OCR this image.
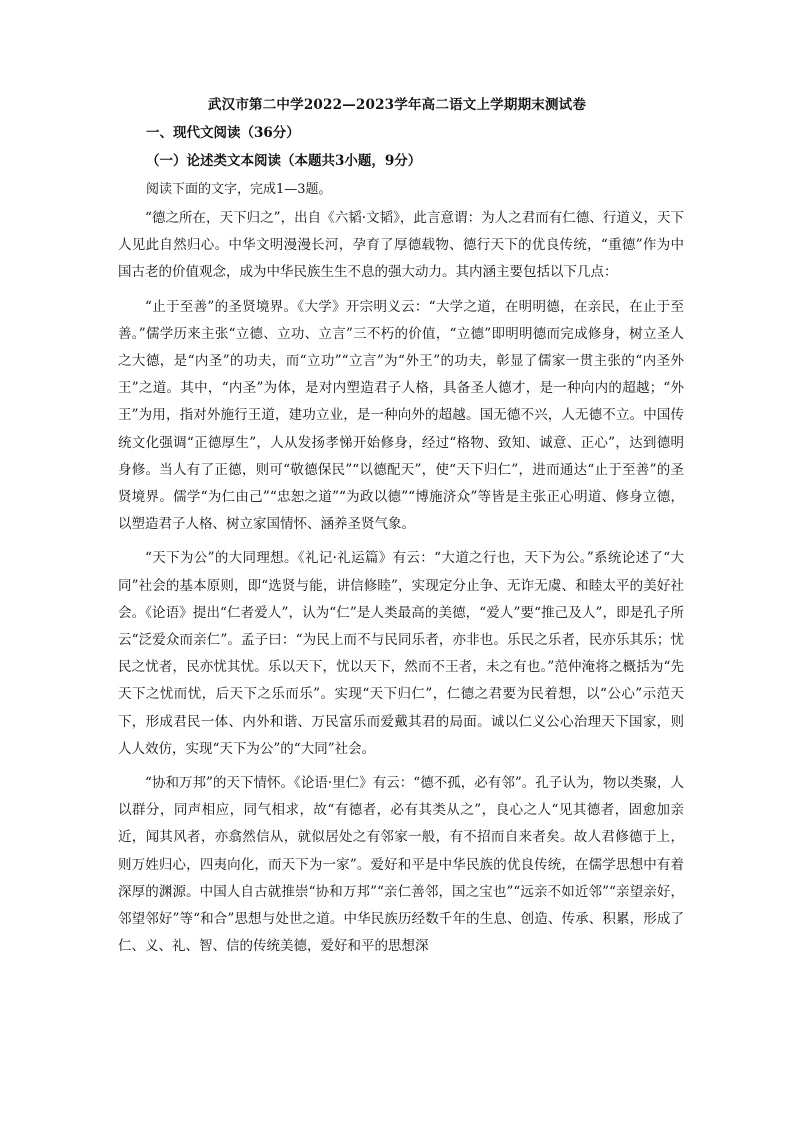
武汉市第二中学2022—2023学年高二语文上学期期末测试卷
一、现代文阅读（36分）
（一）论述类文本阅读（本题共3小题，9分）

阅读下面的文字，完成1—3题。

“德之所在，天下归之”，出自《六韬·文韬》，此言意谓：为人之君而有仁德、行道义，天下人见此自然归心。中华文明漫漫长河，孕育了厚德载物、德行天下的优良传统，“重德”作为中国古老的价值观念，成为中华民族生生不息的强大动力。其内涵主要包括以下几点：

“止于至善”的圣贤境界。《大学》开宗明义云：“大学之道，在明明德，在亲民，在止于至善。”儒学历来主张“立德、立功、立言”三不朽的价值，“立德”即明明德而完成修身，树立圣人之大德，是“内圣”的功夫，而“立功”“立言”为“外王”的功夫，彰显了儒家一贯主张的“内圣外王”之道。其中，“内圣”为体，是对内塑造君子人格，具备圣人德才，是一种向内的超越；“外王”为用，指对外施行王道，建功立业，是一种向外的超越。国无德不兴，人无德不立。中国传统文化强调“正德厚生”，人从发扬孝悌开始修身，经过“格物、致知、诚意、正心”，达到德明身修。当人有了正德，则可“敬德保民”“以德配天”，使“天下归仁”，进而通达“止于至善”的圣贤境界。儒学“为仁由己”“忠恕之道”“为政以德”“博施济众”等皆是主张正心明道、修身立德，以塑造君子人格、树立家国情怀、涵养圣贤气象。

“天下为公”的大同理想。《礼记·礼运篇》有云：“大道之行也，天下为公。”系统论述了“大同”社会的基本原则，即“选贤与能，讲信修睦”，实现定分止争、无诈无虞、和睦太平的美好社会。《论语》提出“仁者爱人”，认为“仁”是人类最高的美德，“爱人”要“推己及人”，即是孔子所云“泛爱众而亲仁”。孟子曰：“为民上而不与民同乐者，亦非也。乐民之乐者，民亦乐其乐；忧民之忧者，民亦忧其忧。乐以天下，忧以天下，然而不王者，未之有也。”范仲淹将之概括为“先天下之忧而忧，后天下之乐而乐”。实现“天下归仁”，仁德之君要为民着想，以“公心”示范天下，形成君民一体、内外和谐、万民富乐而爱戴其君的局面。诚以仁义公心治理天下国家，则人人效仿，实现“天下为公”的“大同”社会。

“协和万邦”的天下情怀。《论语·里仁》有云：“德不孤，必有邻”。孔子认为，物以类聚，人以群分，同声相应，同气相求，故“有德者，必有其类从之”，良心之人“见其德者，固愈加亲近，闻其风者，亦翕然信从，就似居处之有邻家一般，有不招而自来者矣。故人君修德于上，则万姓归心，四夷向化，而天下为一家”。爱好和平是中华民族的优良传统，在儒学思想中有着深厚的渊源。中国人自古就推崇“协和万邦”“亲仁善邻，国之宝也”“远亲不如近邻”“亲望亲好，邻望邻好”等“和合”思想与处世之道。中华民族历经数千年的生息、创造、传承、积累，形成了仁、义、礼、智、信的传统美德，爱好和平的思想深
